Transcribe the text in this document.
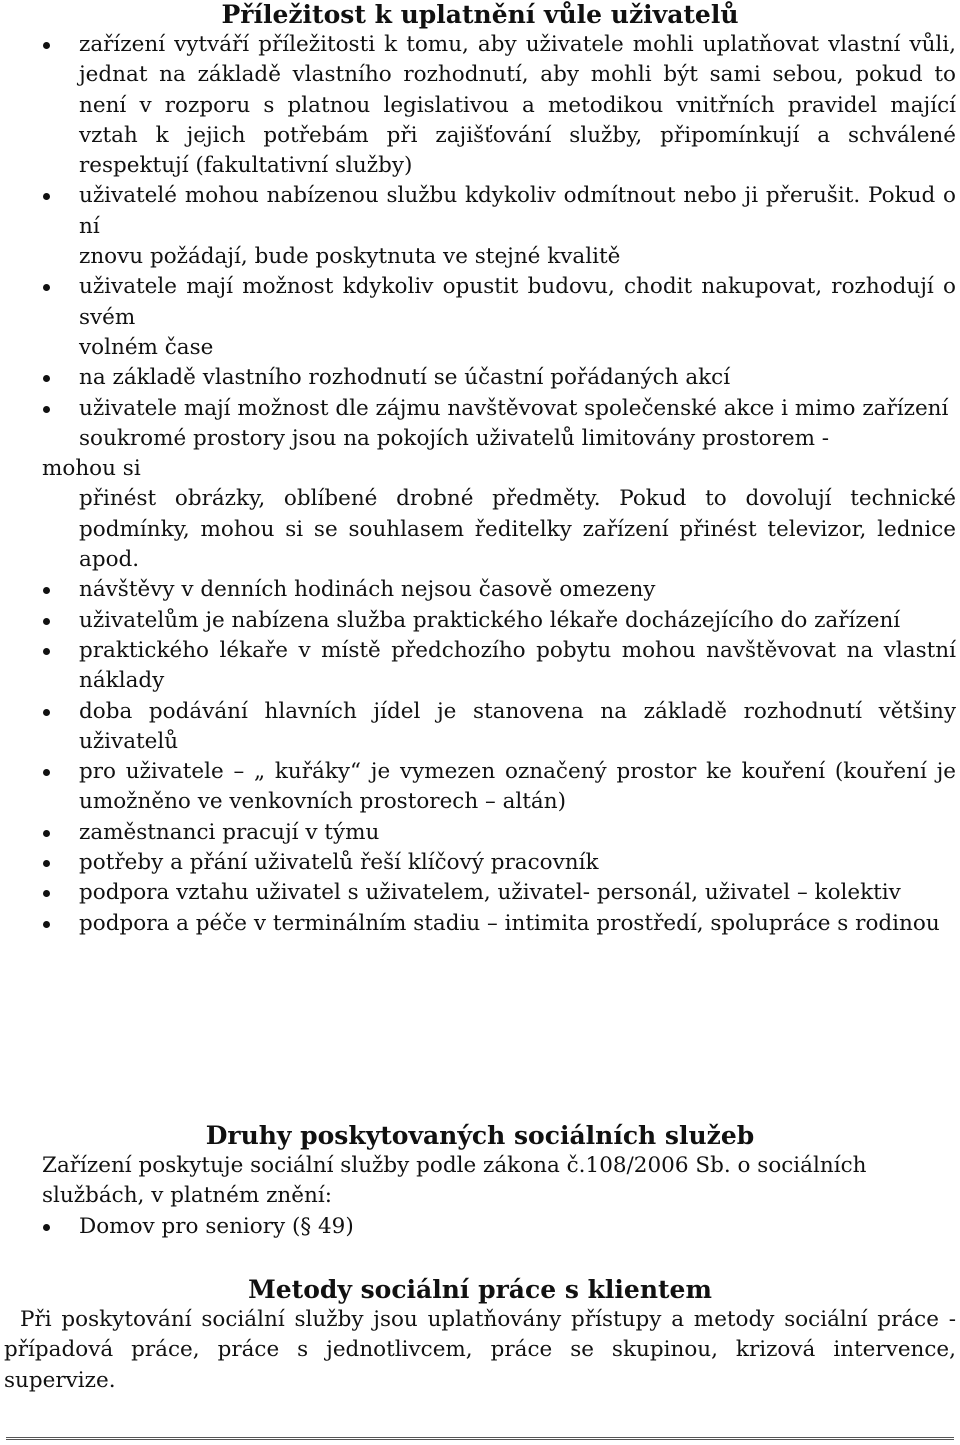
Příležitost k uplatnění vůle uživatelů
zařízení vytváří příležitosti k tomu, aby uživatele mohli uplatňovat vlastní vůli, jednat na základě vlastního rozhodnutí, aby mohli být sami sebou, pokud to není v rozporu s platnou legislativou a metodikou vnitřních pravidel mající vztah k jejich potřebám při zajišťování služby, připomínkují a schválené respektují (fakultativní služby)
uživatelé mohou nabízenou službu kdykoliv odmítnout nebo ji přerušit. Pokud o ní
znovu požádají, bude poskytnuta ve stejné kvalitě
uživatele mají možnost kdykoliv opustit budovu, chodit nakupovat, rozhodují o svém
volném čase
na základě vlastního rozhodnutí se účastní pořádaných akcí
uživatele mají možnost dle zájmu navštěvovat společenské akce i mimo zařízení
soukromé prostory jsou na pokojích uživatelů limitovány prostorem -
mohou si
přinést obrázky, oblíbené drobné předměty. Pokud to dovolují technické podmínky, mohou si se souhlasem ředitelky zařízení přinést televizor, lednice apod.
návštěvy v denních hodinách nejsou časově omezeny
uživatelům je nabízena služba praktického lékaře docházejícího do zařízení
praktického lékaře v místě předchozího pobytu mohou navštěvovat na vlastní náklady
doba podávání hlavních jídel je stanovena na základě rozhodnutí většiny uživatelů
pro uživatele – „ kuřáky“ je vymezen označený prostor ke kouření (kouření je umožněno ve venkovních prostorech – altán)
zaměstnanci pracují v týmu
potřeby a přání uživatelů řeší klíčový pracovník
podpora vztahu uživatel s uživatelem, uživatel- personál, uživatel – kolektiv
podpora a péče v terminálním stadiu – intimita prostředí, spolupráce s rodinou
Druhy poskytovaných sociálních služeb
Zařízení poskytuje sociální služby podle zákona č.108/2006 Sb. o sociálních službách, v platném znění:
Domov pro seniory (§ 49)
Metody sociální práce s klientem
Při poskytování sociální služby jsou uplatňovány přístupy a metody sociální práce - případová práce, práce s jednotlivcem, práce se skupinou, krizová intervence, supervize.
